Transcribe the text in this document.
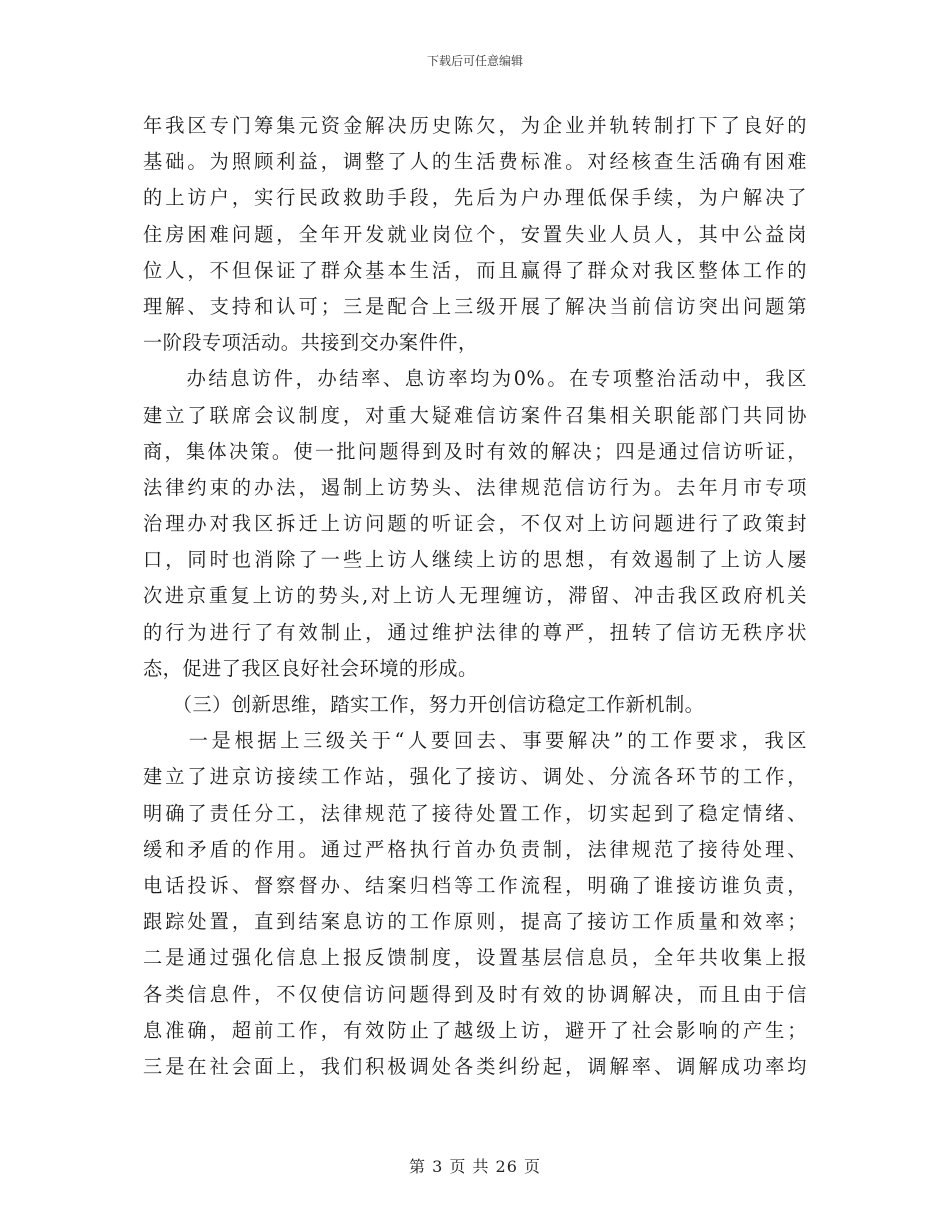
下载后可任意编辑
年我区专门筹集元资金解决历史陈欠，为企业并轨转制打下了良好的
基础。为照顾利益，调整了人的生活费标准。对经核查生活确有困难
的上访户，实行民政救助手段，先后为户办理低保手续，为户解决了
住房困难问题，全年开发就业岗位个，安置失业人员人，其中公益岗
位人，不但保证了群众基本生活，而且赢得了群众对我区整体工作的
理解、支持和认可；三是配合上三级开展了解决当前信访突出问题第
一阶段专项活动。共接到交办案件件，
　　办结息访件，办结率、息访率均为0%。在专项整治活动中，我区
建立了联席会议制度，对重大疑难信访案件召集相关职能部门共同协
商，集体决策。使一批问题得到及时有效的解决；四是通过信访听证，
法律约束的办法，遏制上访势头、法律规范信访行为。去年月市专项
治理办对我区拆迁上访问题的听证会，不仅对上访问题进行了政策封
口，同时也消除了一些上访人继续上访的思想，有效遏制了上访人屡
次进京重复上访的势头,对上访人无理缠访，滞留、冲击我区政府机关
的行为进行了有效制止，通过维护法律的尊严，扭转了信访无秩序状
态，促进了我区良好社会环境的形成。
　　（三）创新思维，踏实工作，努力开创信访稳定工作新机制。
　　一是根据上三级关于“人要回去、事要解决”的工作要求，我区
建立了进京访接续工作站，强化了接访、调处、分流各环节的工作，
明确了责任分工，法律规范了接待处置工作，切实起到了稳定情绪、
缓和矛盾的作用。通过严格执行首办负责制，法律规范了接待处理、
电话投诉、督察督办、结案归档等工作流程，明确了谁接访谁负责，
跟踪处置，直到结案息访的工作原则，提高了接访工作质量和效率；
二是通过强化信息上报反馈制度，设置基层信息员，全年共收集上报
各类信息件，不仅使信访问题得到及时有效的协调解决，而且由于信
息准确，超前工作，有效防止了越级上访，避开了社会影响的产生；
三是在社会面上，我们积极调处各类纠纷起，调解率、调解成功率均
第 3 页 共 26 页
